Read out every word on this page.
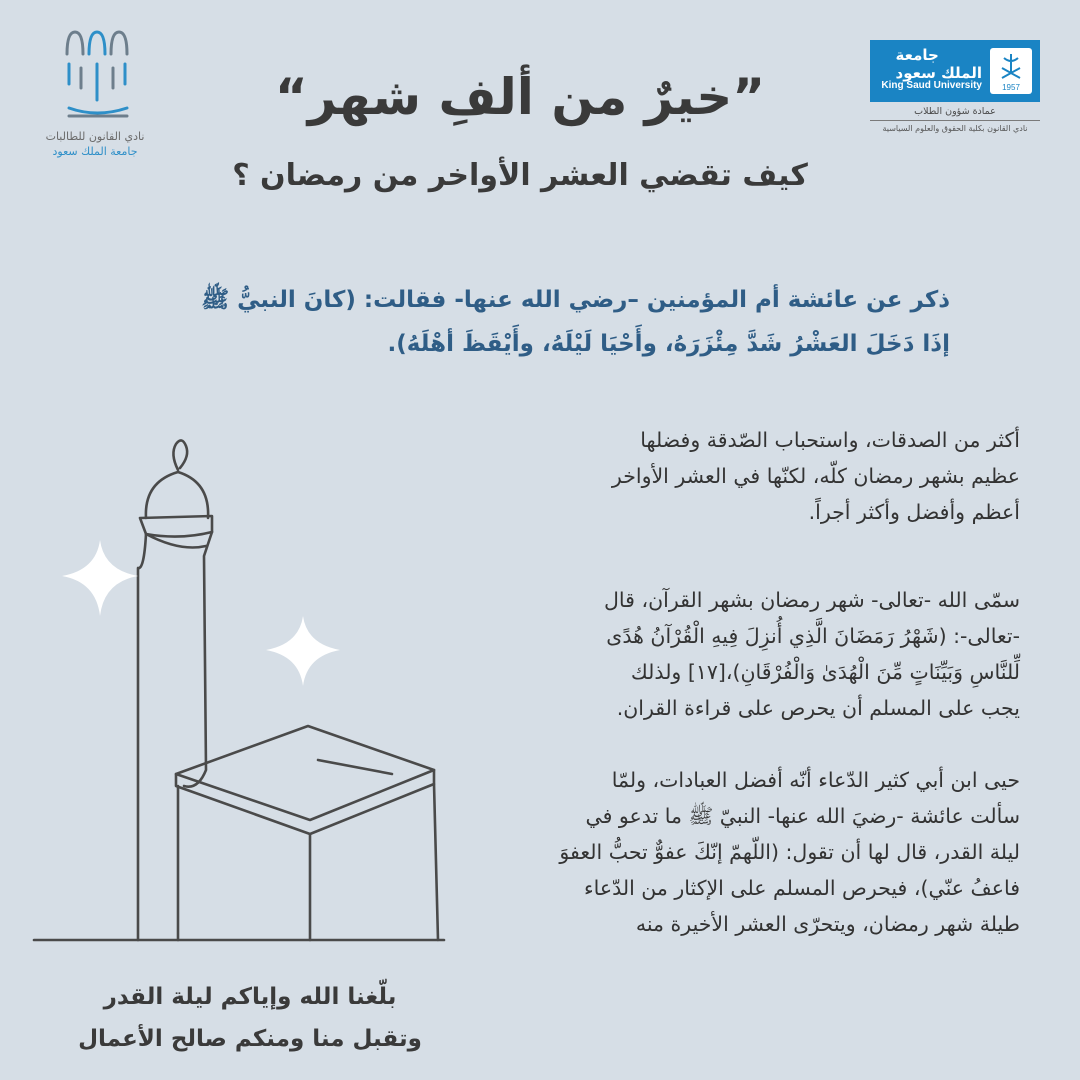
جامعة
الملك سعود
King Saud University	1957
عمادة شؤون الطلاب
نادي القانون بكلية الحقوق والعلوم السياسية
نادي القانون للطالبات
جامعة الملك سعود
”خيرٌ من ألفِ شهر“
كيف تقضي العشر الأواخر من رمضان ؟
ذكر عن عائشة أم المؤمنين –رضي الله عنها- فقالت: (كانَ النبيُّ ﷺ
إذَا دَخَلَ العَشْرُ شَدَّ مِئْزَرَهُ، وأَحْيَا لَيْلَهُ، وأَيْقَظَ أهْلَهُ).
أكثر من الصدقات، واستحباب الصّدقة وفضلها
عظيم بشهر رمضان كلّه، لكنّها في العشر الأواخر
أعظم وأفضل وأكثر أجراً.
سمّى الله -تعالى- شهر رمضان بشهر القرآن، قال
-تعالى-: (شَهْرُ رَمَضَانَ الَّذِي أُنزِلَ فِيهِ الْقُرْآنُ هُدًى
لِّلنَّاسِ وَبَيِّنَاتٍ مِّنَ الْهُدَىٰ وَالْفُرْقَانِ)،[١٧] ولذلك
يجب على المسلم أن يحرص على قراءة القران.
حيى ابن أبي كثير الدّعاء أنّه أفضل العبادات، ولمّا
سألت عائشة -رضيَ الله عنها- النبيّ ﷺ ما تدعو في
ليلة القدر، قال لها أن تقول: (اللّهمّ إنّكَ عفوٌّ تحبُّ العفوَ
فاعفُ عنّي)، فيحرص المسلم على الإكثار من الدّعاء
طيلة شهر رمضان، ويتحرّى العشر الأخيرة منه
بلّغنا الله وإياكم ليلة القدر
وتقبل منا ومنكم صالح الأعمال
